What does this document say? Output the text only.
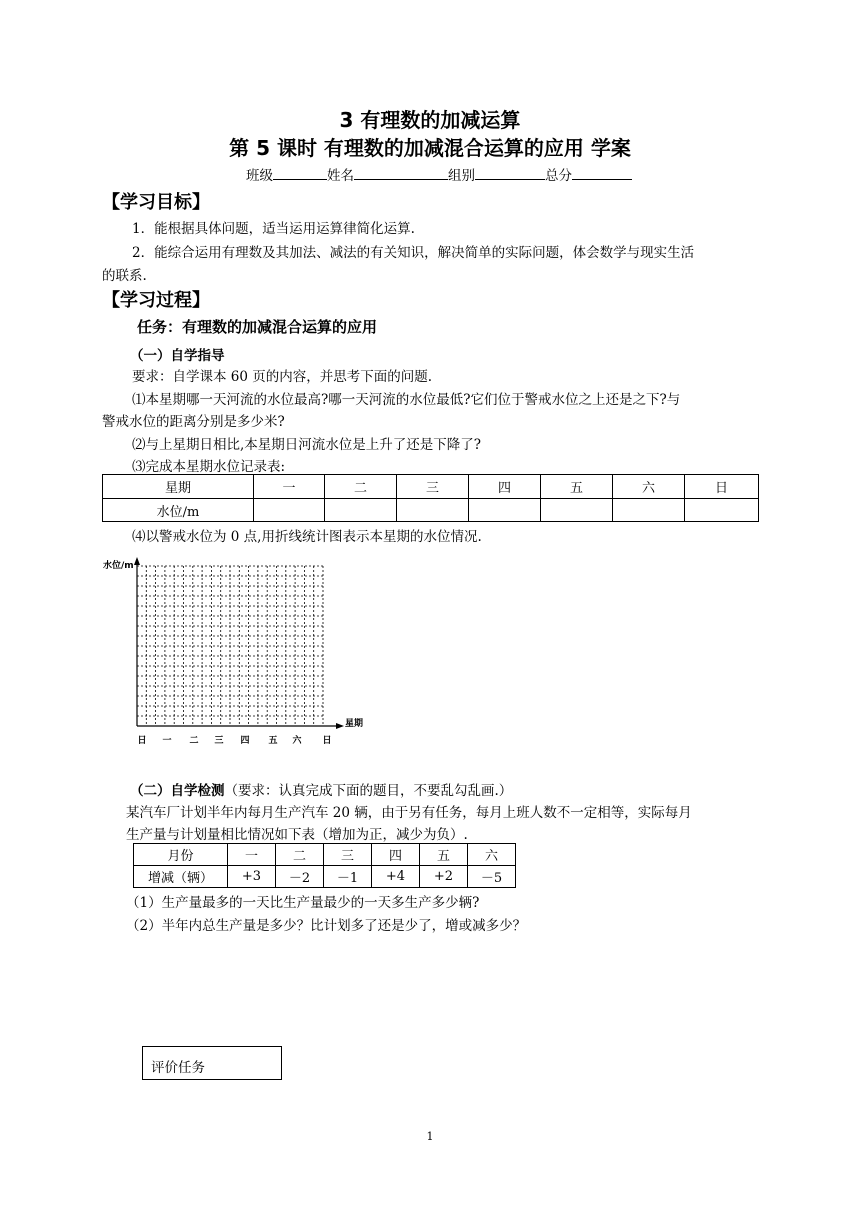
3 有理数的加减运算
第 5 课时 有理数的加减混合运算的应用 学案
班级	姓名	组别	总分
【学习目标】
1．能根据具体问题，适当运用运算律简化运算.
2．能综合运用有理数及其加法、减法的有关知识，解决简单的实际问题，体会数学与现实生活
的联系.
【学习过程】
任务：有理数的加减混合运算的应用
（一）自学指导
要求：自学课本 60 页的内容，并思考下面的问题.
⑴本星期哪一天河流的水位最高?哪一天河流的水位最低?它们位于警戒水位之上还是之下?与
警戒水位的距离分别是多少米?
⑵与上星期日相比,本星期日河流水位是上升了还是下降了?
⑶完成本星期水位记录表:
星期	一	二	三	四	五	六	日
水位/m							
⑷以警戒水位为 0 点,用折线统计图表示本星期的水位情况.
水位/m
星期
日 一 二 三 四 五 六 日
（二）自学检测（要求：认真完成下面的题目，不要乱勾乱画.）
某汽车厂计划半年内每月生产汽车 20 辆，由于另有任务，每月上班人数不一定相等，实际每月
生产量与计划量相比情况如下表（增加为正，减少为负）.
月份	一	二	三	四	五	六
增减（辆）	+3	－2	－1	+4	+2	－5
（1）生产量最多的一天比生产量最少的一天多生产多少辆?
（2）半年内总生产量是多少？比计划多了还是少了，增或减多少？
评价任务
1
